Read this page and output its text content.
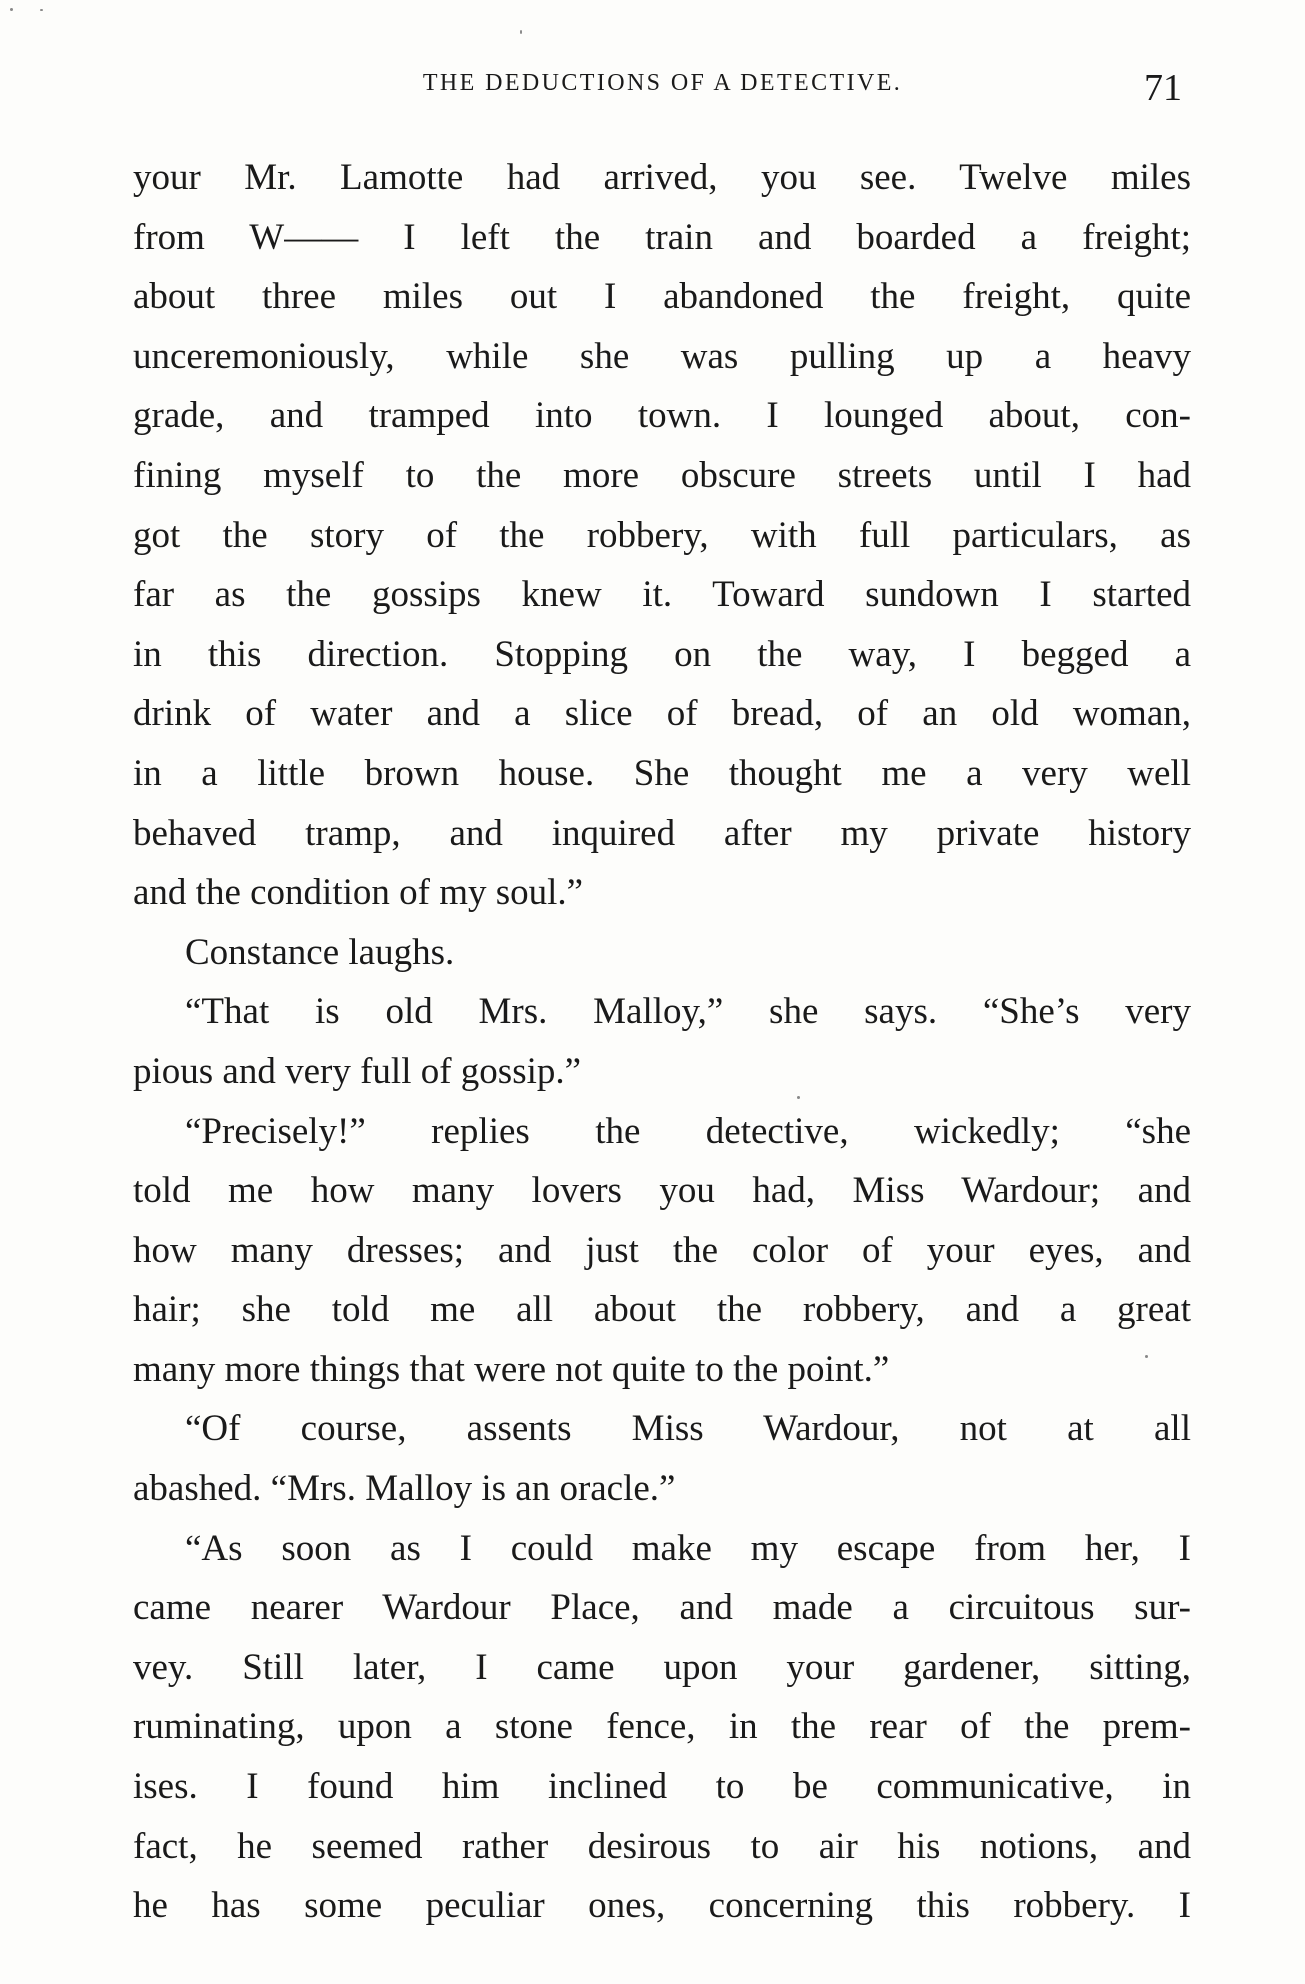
THE DEDUCTIONS OF A DETECTIVE.	71
your Mr. Lamotte had arrived, you see. Twelve miles
from W—— I left the train and boarded a freight;
about three miles out I abandoned the freight, quite
unceremoniously, while she was pulling up a heavy
grade, and tramped into town. I lounged about, con-
fining myself to the more obscure streets until I had
got the story of the robbery, with full particulars, as
far as the gossips knew it. Toward sundown I started
in this direction. Stopping on the way, I begged a
drink of water and a slice of bread, of an old woman,
in a little brown house. She thought me a very well
behaved tramp, and inquired after my private history
and the condition of my soul.”
Constance laughs.
“That is old Mrs. Malloy,” she says. “She’s very
pious and very full of gossip.”
“Precisely!” replies the detective, wickedly; “she
told me how many lovers you had, Miss Wardour; and
how many dresses; and just the color of your eyes, and
hair; she told me all about the robbery, and a great
many more things that were not quite to the point.”
“Of course, assents Miss Wardour, not at all
abashed. “Mrs. Malloy is an oracle.”
“As soon as I could make my escape from her, I
came nearer Wardour Place, and made a circuitous sur-
vey. Still later, I came upon your gardener, sitting,
ruminating, upon a stone fence, in the rear of the prem-
ises. I found him inclined to be communicative, in
fact, he seemed rather desirous to air his notions, and
he has some peculiar ones, concerning this robbery. I
